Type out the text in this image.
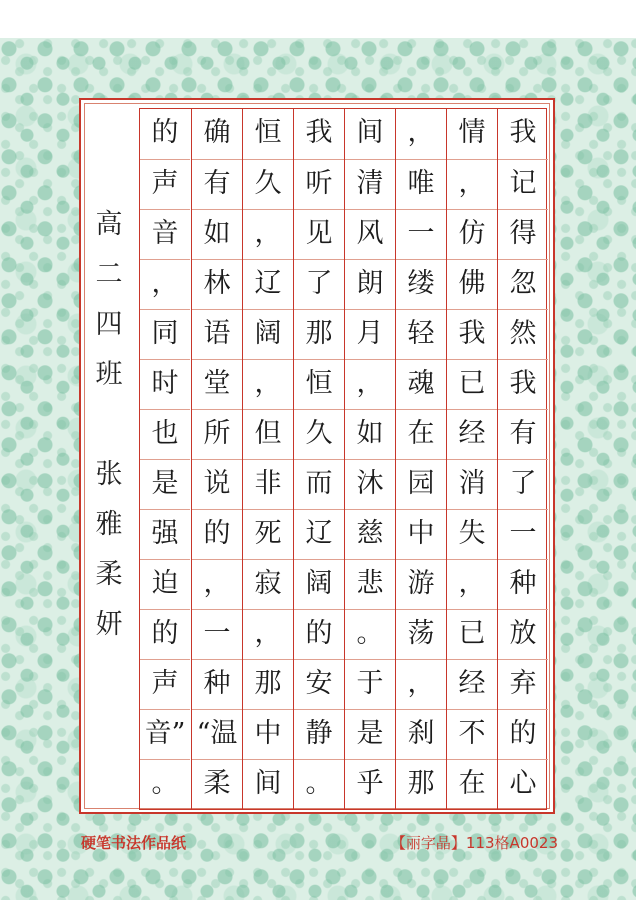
高
二
四
班
张
雅
柔
妍
我
记
得
忽
然
我
有
了
一
种
放
弃
的
心
情
，
仿
佛
我
已
经
消
失
，
已
经
不
在
，
唯
一
缕
轻
魂
在
园
中
游
荡
，
刹
那
间
清
风
朗
月
，
如
沐
慈
悲
。
于
是
乎
我
听
见
了
那
恒
久
而
辽
阔
的
安
静
。
恒
久
，
辽
阔
，
但
非
死
寂
，
那
中
间
确
有
如
林
语
堂
所
说
的
，
一
种
“温
柔
的
声
音
，
同
时
也
是
强
迫
的
声
音”
。
硬笔书法作品纸	【丽字晶】113格A0023
